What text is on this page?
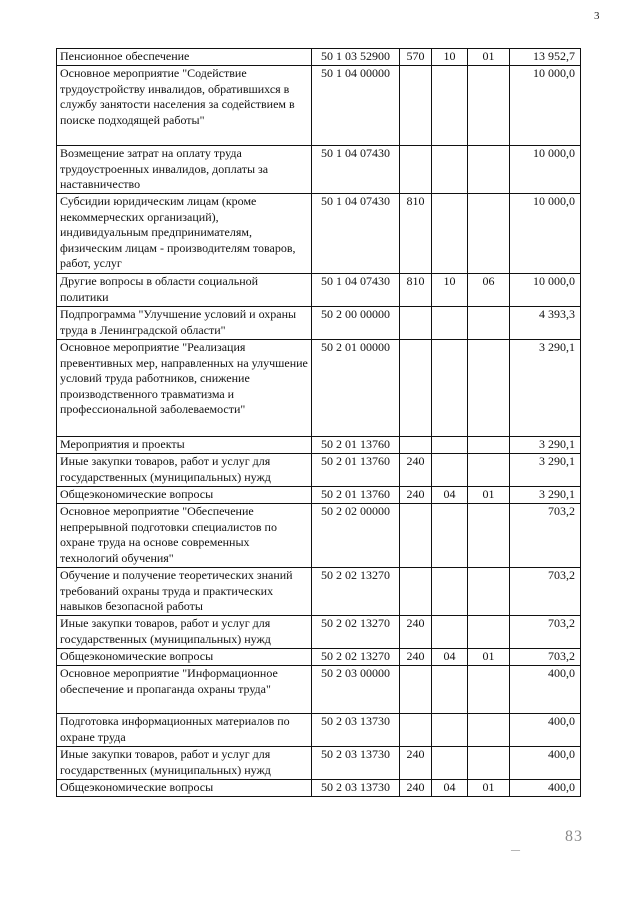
3
Пенсионное обеспечение	50 1 03 52900	570	10	01	13 952,7
Основное мероприятие "Содействие трудоустройству инвалидов, обратившихся в службу занятости населения за содействием в поиске подходящей работы"	50 1 04 00000				10 000,0
Возмещение затрат на оплату труда трудоустроенных инвалидов, доплаты за наставничество	50 1 04 07430				10 000,0
Субсидии юридическим лицам (кроме некоммерческих организаций), индивидуальным предпринимателям, физическим лицам - производителям товаров, работ, услуг	50 1 04 07430	810			10 000,0
Другие вопросы в области социальной политики	50 1 04 07430	810	10	06	10 000,0
Подпрограмма "Улучшение условий и охраны труда в Ленинградской области"	50 2 00 00000				4 393,3
Основное мероприятие "Реализация превентивных мер, направленных на улучшение условий труда работников, снижение производственного травматизма и профессиональной заболеваемости"	50 2 01 00000				3 290,1
Мероприятия и проекты	50 2 01 13760				3 290,1
Иные закупки товаров, работ и услуг для государственных (муниципальных) нужд	50 2 01 13760	240			3 290,1
Общеэкономические вопросы	50 2 01 13760	240	04	01	3 290,1
Основное мероприятие "Обеспечение непрерывной подготовки специалистов по охране труда на основе современных технологий обучения"	50 2 02 00000				703,2
Обучение и получение теоретических знаний требований охраны труда и практических навыков безопасной работы	50 2 02 13270				703,2
Иные закупки товаров, работ и услуг для государственных (муниципальных) нужд	50 2 02 13270	240			703,2
Общеэкономические вопросы	50 2 02 13270	240	04	01	703,2
Основное мероприятие "Информационное обеспечение и пропаганда охраны труда"	50 2 03 00000				400,0
Подготовка информационных материалов по охране труда	50 2 03 13730				400,0
Иные закупки товаров, работ и услуг для государственных (муниципальных) нужд	50 2 03 13730	240			400,0
Общеэкономические вопросы	50 2 03 13730	240	04	01	400,0
—
83
